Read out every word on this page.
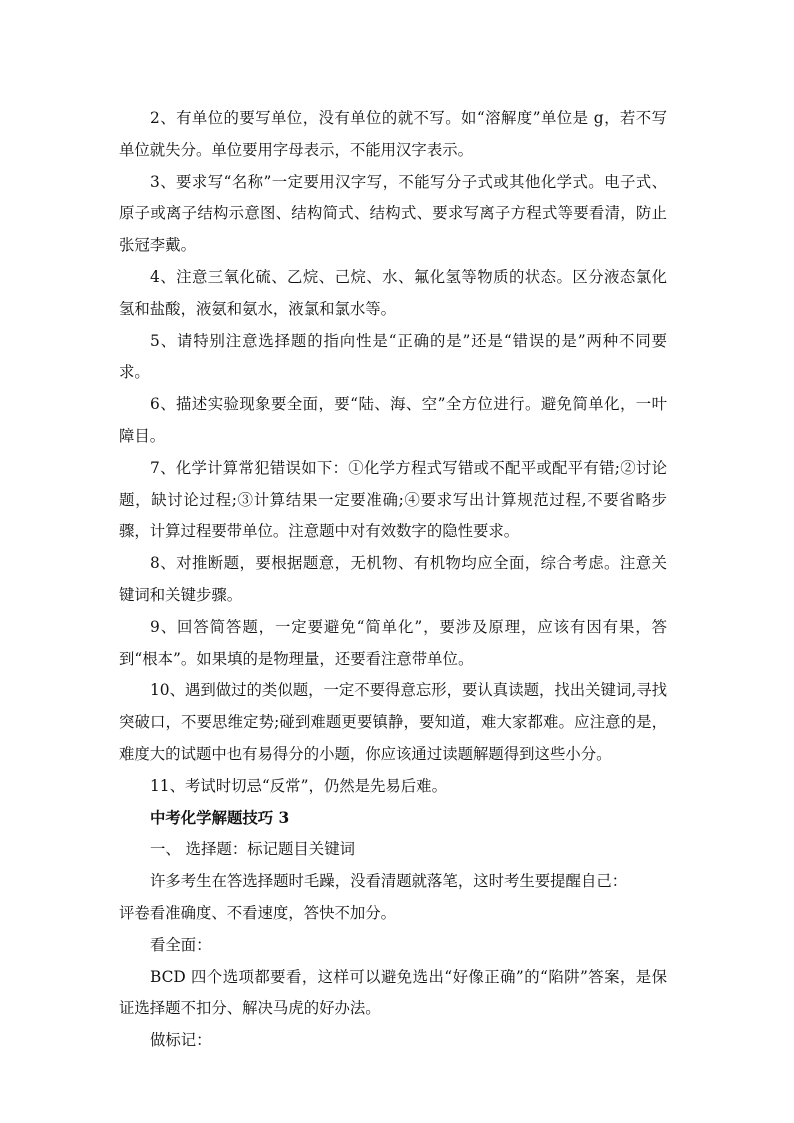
2、有单位的要写单位，没有单位的就不写。如“溶解度”单位是 g，若不写单位就失分。单位要用字母表示，不能用汉字表示。

3、要求写“名称”一定要用汉字写，不能写分子式或其他化学式。电子式、原子或离子结构示意图、结构简式、结构式、要求写离子方程式等要看清，防止张冠李戴。

4、注意三氧化硫、乙烷、己烷、水、氟化氢等物质的状态。区分液态氯化氢和盐酸，液氨和氨水，液氯和氯水等。

5、请特别注意选择题的指向性是“正确的是”还是“错误的是”两种不同要求。

6、描述实验现象要全面，要“陆、海、空”全方位进行。避免简单化，一叶障目。

7、化学计算常犯错误如下：①化学方程式写错或不配平或配平有错;②讨论题，缺讨论过程;③计算结果一定要准确;④要求写出计算规范过程,不要省略步骤，计算过程要带单位。注意题中对有效数字的隐性要求。

8、对推断题，要根据题意，无机物、有机物均应全面，综合考虑。注意关键词和关键步骤。

9、回答简答题，一定要避免“简单化”，要涉及原理，应该有因有果，答到“根本”。如果填的是物理量，还要看注意带单位。

10、遇到做过的类似题，一定不要得意忘形，要认真读题，找出关键词,寻找突破口，不要思维定势;碰到难题更要镇静，要知道，难大家都难。应注意的是，难度大的试题中也有易得分的小题，你应该通过读题解题得到这些小分。

11、考试时切忌“反常”，仍然是先易后难。

中考化学解题技巧 3

一、 选择题：标记题目关键词

许多考生在答选择题时毛躁，没看清题就落笔，这时考生要提醒自己：

评卷看准确度、不看速度，答快不加分。

看全面：

BCD 四个选项都要看，这样可以避免选出“好像正确”的“陷阱”答案，是保证选择题不扣分、解决马虎的好办法。

做标记：
